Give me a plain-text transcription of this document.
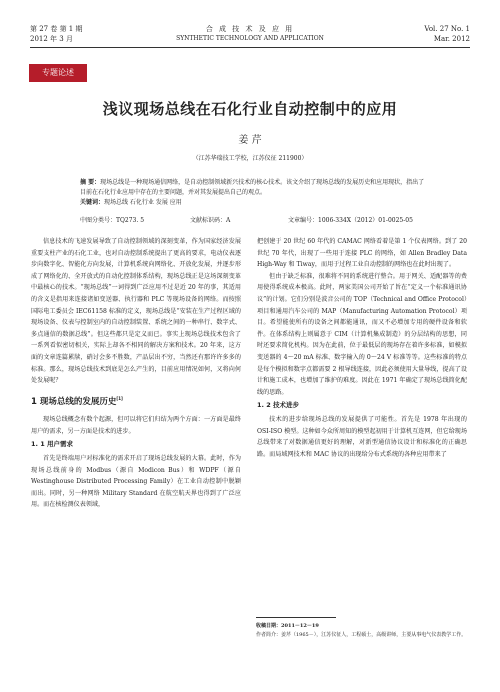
第 27 卷 第 1 期
2012 年 3 月
合 成 技 术 及 应 用
SYNTHETIC TECHNOLOGY AND APPLICATION
Vol. 27 No. 1
Mar. 2012
专题论述
浅议现场总线在石化行业自动控制中的应用
姜 芹
（江苏华瑞技工学校，江苏仪征 211900）
摘 要：现场总线是一种现场通信网络，是自动控制领域新兴技术的核心技术。该文介绍了现场总线的发展历史和应用现状，指出了目前在石化行业应用中存在的主要问题，并对其发展提出自己的观点。
关键词：现场总线 石化行业 发展 应用
中图分类号：TQ273. 5	文献标识码：A	文章编号：1006-334X（2012）01-0025-05

信息技术的飞速发展导致了自动控制领域的深刻变革，作为国家经济发展重要支柱产业的石化工业，也对自动控制系统提出了更高的要求，电动仪表逐步向数字化、智能化方向发展，计算机系统向网络化、开放化发展，并逐步形成了网络化的、全开放式的自动化控制体系结构，现场总线正是这场深刻变革中最核心的技术。“现场总线”一词得到广泛应用不过是近 20 年的事，其适用的含义是指用来连接诸如变送器、执行器和 PLC 等现场设备的网络。而按照国际电工委员会 IEC61158 标准的定义，现场总线是“安装在生产过程区域的现场设备、仪表与控制室内的自动控制装置、系统之间的一种串行、数字式、多点通信的数据总线”。但这些都只是定义而已。事实上现场总线技术包含了一系列看似密切相关，实际上却各不相同的解决方案和技术。20 年来，这方面的文章连篇累牍，硝讨会多不胜数，产品层出不穷，当然还有那许许多多的标准。那么，现场总线技术到底是怎么产生的，目前应用情况如何，又将向何处发展呢？

1 现场总线的发展历史[1]

现场总线概念有数个起源，但可以将它们归结为两个方面：一方面是最终用户的需求，另一方面是技术的进步。

1. 1 用户需求

首先是终端用户对标准化的需求开启了现场总线发展的大幕。此时，作为现场总线前身的 Modbus（源自 Modicon Bus）和 WDPF（源自 Westinghouse Distributed Processing Family）在工业自动控制中脱颖而出。同时，另一种网络 Military Standard 在航空航天界也得到了广泛应用。而在核检测仪表领域，

把创建于 20 世纪 60 年代的 CAMAC 网络看着是第 1 个仪表网络。到了 20 世纪 70 年代，出现了一些用于连接 PLC 的网络，如 Allen Bradley Data High-Way 和 Tiway，而用于过程工业自动控制的网络也在此时出现了。

但由于缺乏标准，很难将不同的系统进行整合。用于网关、适配器等的费用使得系统成本极高。此时，两家美国公司开始了旨在“定义一个标准通讯协议”的计划。它们分别是波音公司的 TOP（Technical and Office Protocol）项目和通用汽车公司的 MAP（Manufacturing Automation Protocol）项目。希望能使所有的设备之间都能通讯，而又不必增加专用的硬件设备和软件。在体系结构上则属意于 CIM（计算机集成制造）的分层结构的思想，同时还要求简化机构。因为在此前，位于最低层的现场存在着许多标准，如模拟变送器的 4～20 mA 标准、数字输入的 0～24 V 标准等等。这些标准的特点是每个模拟和数字点都需要 2 根导线连接，因此必须使用大量导线，提高了设计和施工成本，也增加了维护的难度。因此在 1971 年确定了现场总线简化配线的思路。

1. 2 技术进步

技术的进步给现场总线的发展提供了可能性。首先是 1978 年出现的 OSI-ISO 模型。这种如今众所周知的模型起初用于计算机互连网，但它给现场总线带来了对数据通信更好的理解，对新型通信协议设计和标准化的正确思路。而局域网技术和 MAC 协议的出现给分布式系统的各种应用带来了

收稿日期：2011－12－19
作者简介：姜芹（1965－），江苏仪征人，工程硕士，高级讲师，主要从事电气仪表教学工作。
